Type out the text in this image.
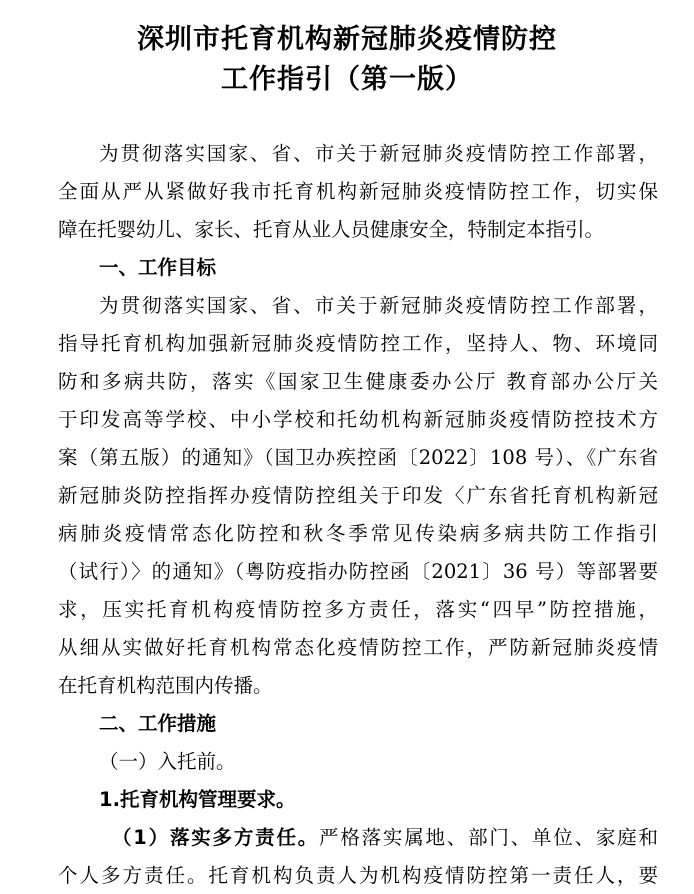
深圳市托育机构新冠肺炎疫情防控
工作指引（第一版）
为贯彻落实国家、省、市关于新冠肺炎疫情防控工作部署，
全面从严从紧做好我市托育机构新冠肺炎疫情防控工作，切实保
障在托婴幼儿、家长、托育从业人员健康安全，特制定本指引。
一、工作目标
为贯彻落实国家、省、市关于新冠肺炎疫情防控工作部署，
指导托育机构加强新冠肺炎疫情防控工作，坚持人、物、环境同
防和多病共防，落实《国家卫生健康委办公厅 教育部办公厅关
于印发高等学校、中小学校和托幼机构新冠肺炎疫情防控技术方
案（第五版）的通知》（国卫办疾控函〔2022〕108 号）、《广东省
新冠肺炎防控指挥办疫情防控组关于印发〈广东省托育机构新冠
病肺炎疫情常态化防控和秋冬季常见传染病多病共防工作指引
（试行）〉的通知》（粤防疫指办防控函〔2021〕36 号）等部署要
求，压实托育机构疫情防控多方责任，落实“四早”防控措施，
从细从实做好托育机构常态化疫情防控工作，严防新冠肺炎疫情
在托育机构范围内传播。
二、工作措施
（一）入托前。
1.托育机构管理要求。
（1）落实多方责任。严格落实属地、部门、单位、家庭和
个人多方责任。托育机构负责人为机构疫情防控第一责任人，要
